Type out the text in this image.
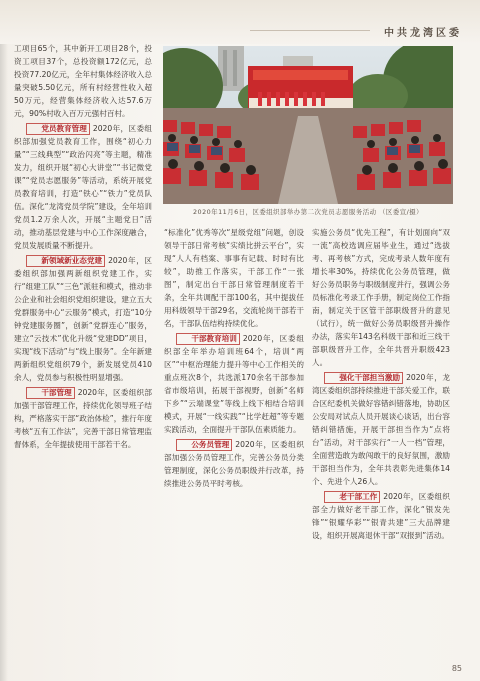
中共龙湾区委

工项目65个，其中新开工项目28个，投资工项目37个，总投资额172亿元，总投资77.20亿元，全年村集体经济收入总量突破5.50亿元，所有村经营性收入超50万元，经营集体经济收入达57.6万元，90%村收入百万元强村百村。

党员教育管理 2020年，区委组织部加强党员教育工作，围绕“初心力量”“三线典型”“政治闪亮”等主题，精准发力，组织开展“初心大讲堂”“书记微党课”“党员志愿服务”等活动，系统开展党员教育培训，打造“铁心”“铁力”党员队伍。深化“龙湾党员学院”建设，全年培训党员1.2万余人次，开展“主题党日”活动，推动基层党建与中心工作深度融合，党员发展质量不断提升。

新领域新业态党建 2020年，区委组织部加强两新组织党建工作，实行“组建工队”“三色”派驻和模式，推动非公企业和社会组织党组织建设，建立五大党群服务中心“云服务”模式，打造“10分钟党建服务圈”，创新“党群连心”服务，建立“云技术”优化升级“党建DD”项目，实现“线下活动”与“线上服务”。全年新建两新组织党组织79个，新发展党员410余人，党员参与积极性明显增强。

干部管理 2020年，区委组织部加强干部管理工作，持续优化领导班子结构，严格落实干部“政治体检”，推行年度考核“五有工作法”，完善干部日常管理监督体系，全年提拔使用干部若干名。

2020年11月6日，区委组织部举办第二次党员志愿服务活动 （区委宣/摄）

“标准化”优秀等次“星级党组”问题，创设领导干部日常考核“实绩比拼云平台”，实现“人人有档案、事事有记载、时时有比较”，助推工作落实，干部工作“一张图”，制定出台干部日常管理制度若干条，全年共调配干部100名，其中提拔任用科级领导干部29名，交流轮岗干部若干名，干部队伍结构持续优化。

干部教育培训 2020年，区委组织部全年举办培训班64个，培训“两区”“中枢治理能力提升等中心工作相关的重点班次8个，共选派170余名干部参加省市级培训，拓展干部视野，创新“名师下乡”“云端课堂”等线上线下相结合培训模式，开展“一线实践”“比学赶超”等专题实践活动，全面提升干部队伍素质能力。

公务员管理 2020年，区委组织部加强公务员管理工作，完善公务员分类管理制度，深化公务员职级并行改革，持续推进公务员平时考核。

实施公务员“优先工程”，有计划面向“双一流”高校选调应届毕业生，通过“选拔考、再考核”方式，完成考录人数年度有增长率30%，持续优化公务员管理，做好公务员职务与职级制度并行，强调公务员标准化考录工作手册，制定岗位工作指南，制定关于区管干部职级晋升的意见（试行），统一做好公务员职级晋升操作办法，落实年143名科级干部和近三线干部职级晋升工作，全年共晋升职级423人。

强化干部担当激励 2020年，龙湾区委组织部持续推进干部关爱工作，联合区纪委机关做好容错纠错落地，协助区公安局对试点人员开展谈心谈话，出台容错纠错措施，开展干部担当作为“点将台”活动，对干部实行“一人一档”管理，全面营造敢为敢闯敢干的良好氛围，激励干部担当作为，全年共表彰先进集体14个、先进个人26人。

老干部工作 2020年，区委组织部全力做好老干部工作，深化“银发先锋”“银耀华彩”“银青共建”三大品牌建设，组织开展离退休干部“双报到”活动。

85
